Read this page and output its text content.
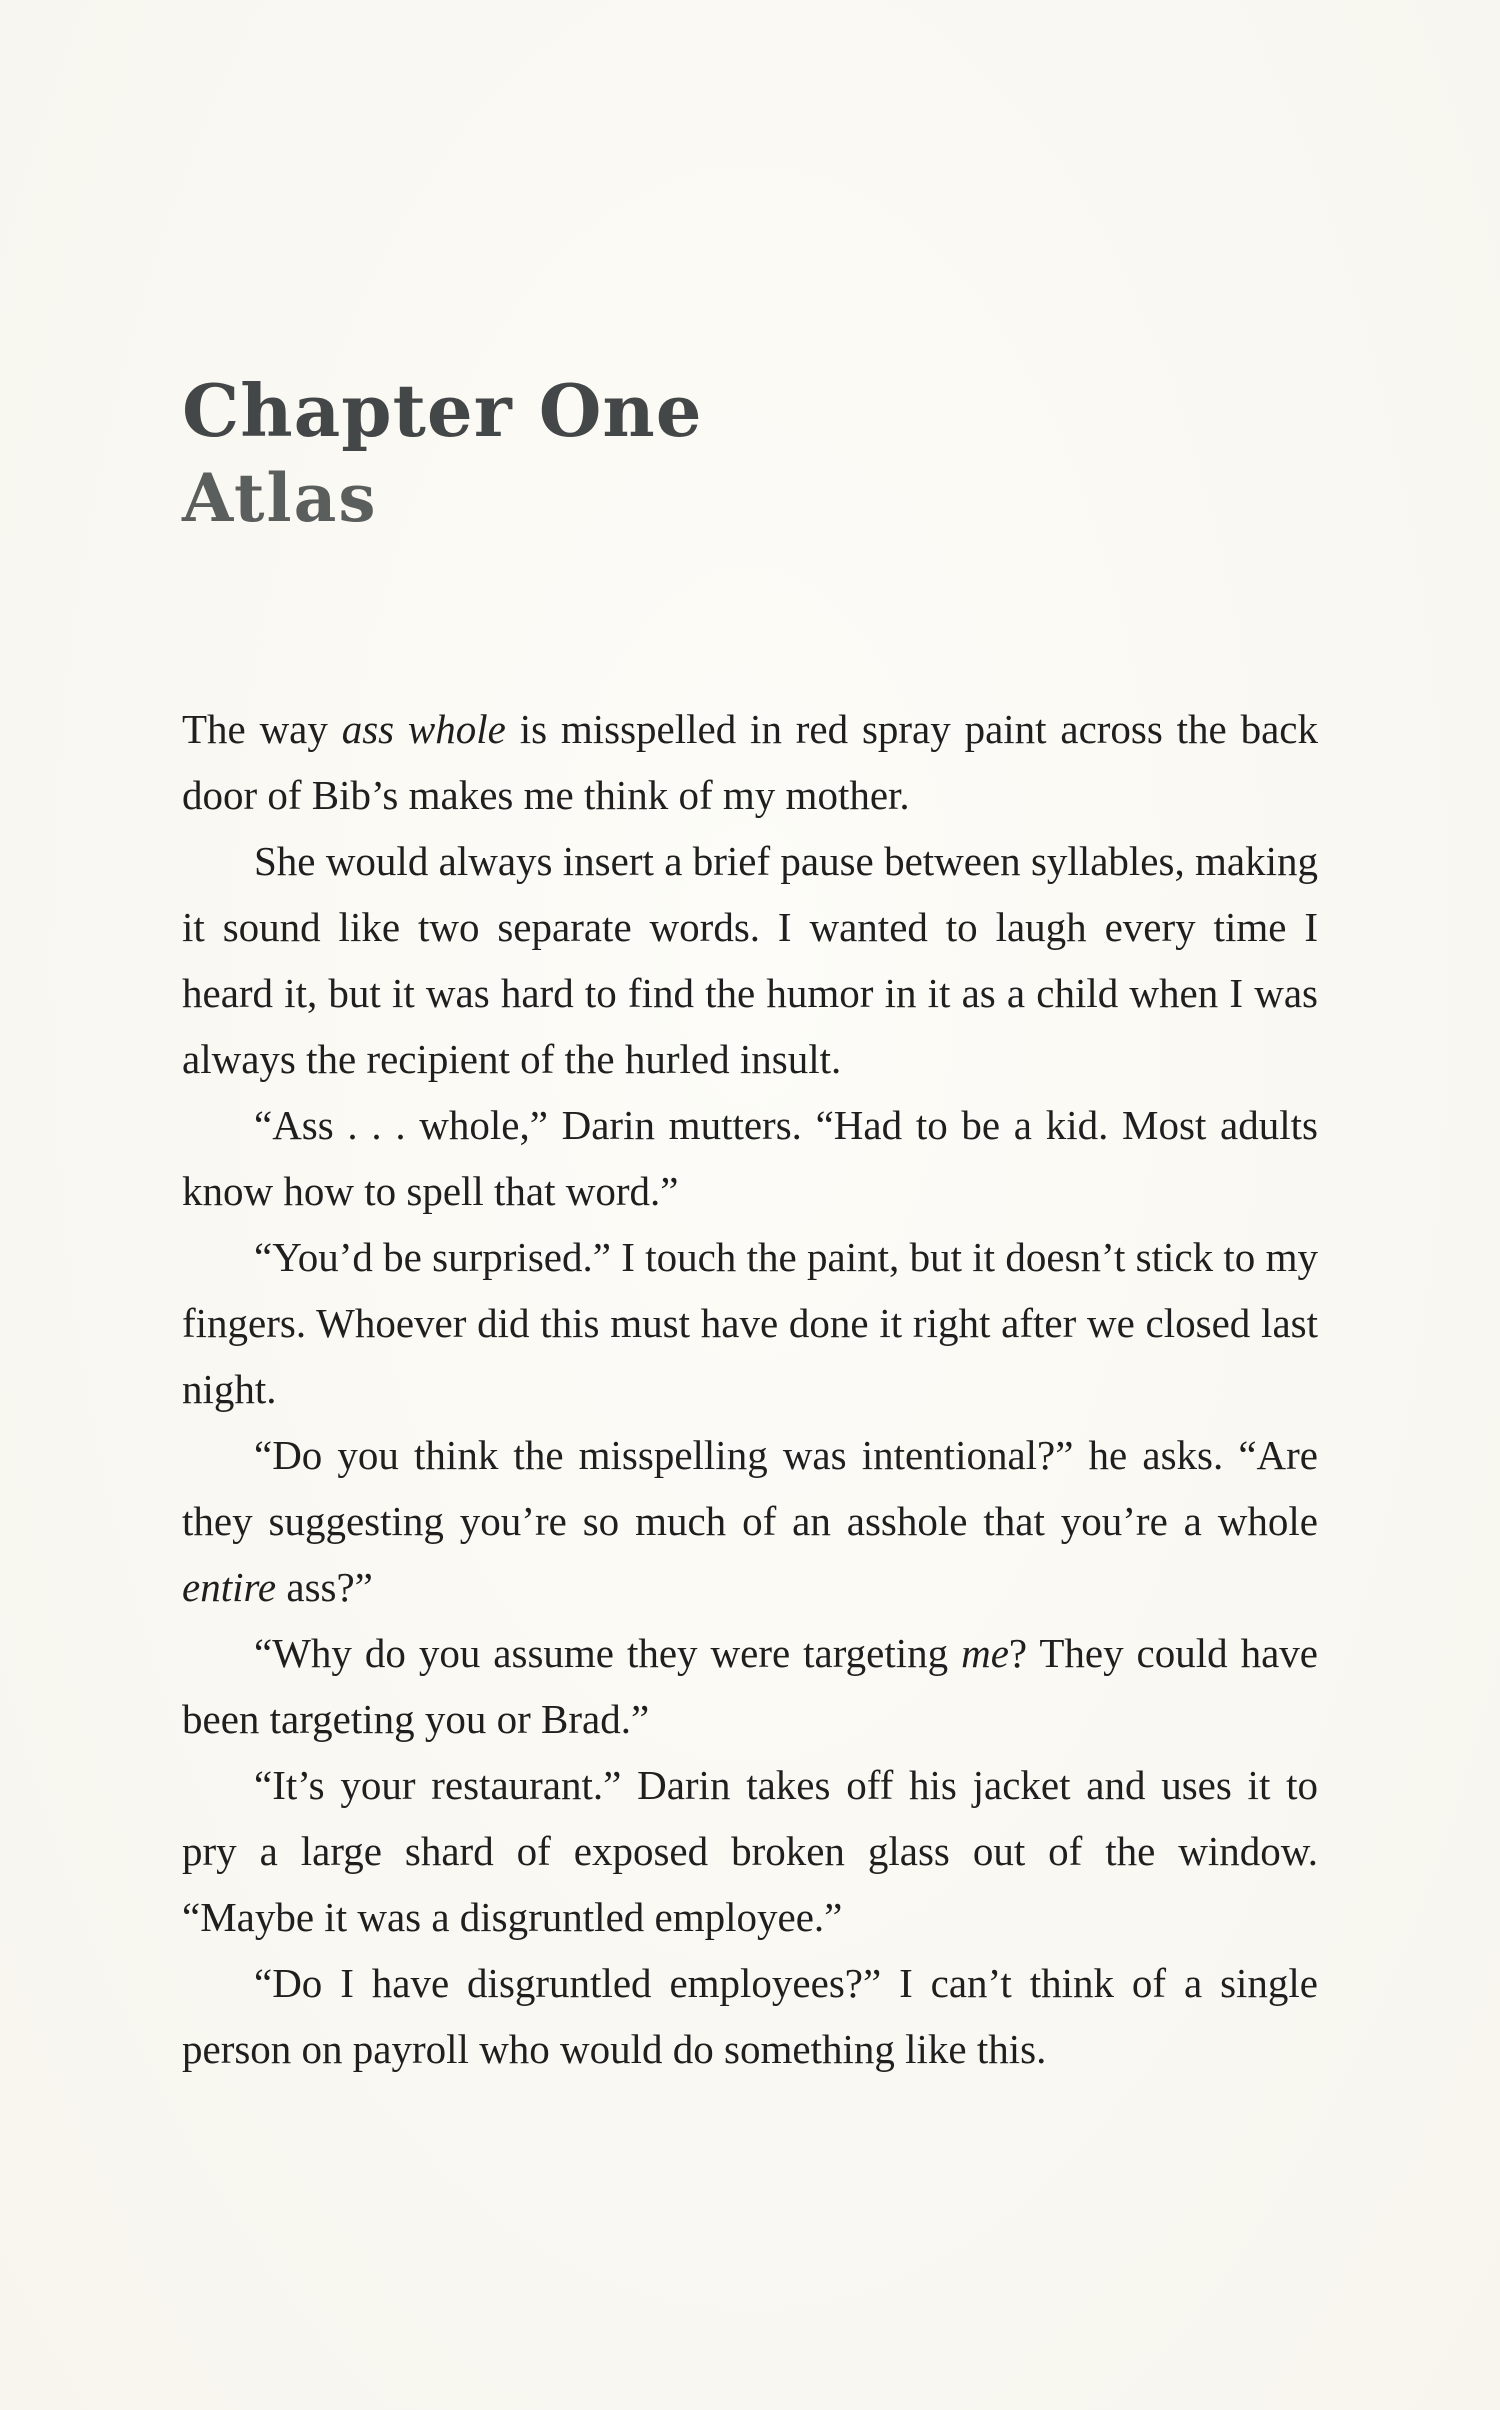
Chapter One
Atlas

The way ass whole is misspelled in red spray paint across the back door of Bib’s makes me think of my mother.

She would always insert a brief pause between syllables, making it sound like two separate words. I wanted to laugh every time I heard it, but it was hard to find the humor in it as a child when I was always the recipient of the hurled insult.

“Ass . . . whole,” Darin mutters. “Had to be a kid. Most adults know how to spell that word.”

“You’d be surprised.” I touch the paint, but it doesn’t stick to my fingers. Whoever did this must have done it right after we closed last night.

“Do you think the misspelling was intentional?” he asks. “Are they suggesting you’re so much of an asshole that you’re a whole entire ass?”

“Why do you assume they were targeting me? They could have been targeting you or Brad.”

“It’s your restaurant.” Darin takes off his jacket and uses it to pry a large shard of exposed broken glass out of the window. “Maybe it was a disgruntled employee.”

“Do I have disgruntled employees?” I can’t think of a single person on payroll who would do something like this.
